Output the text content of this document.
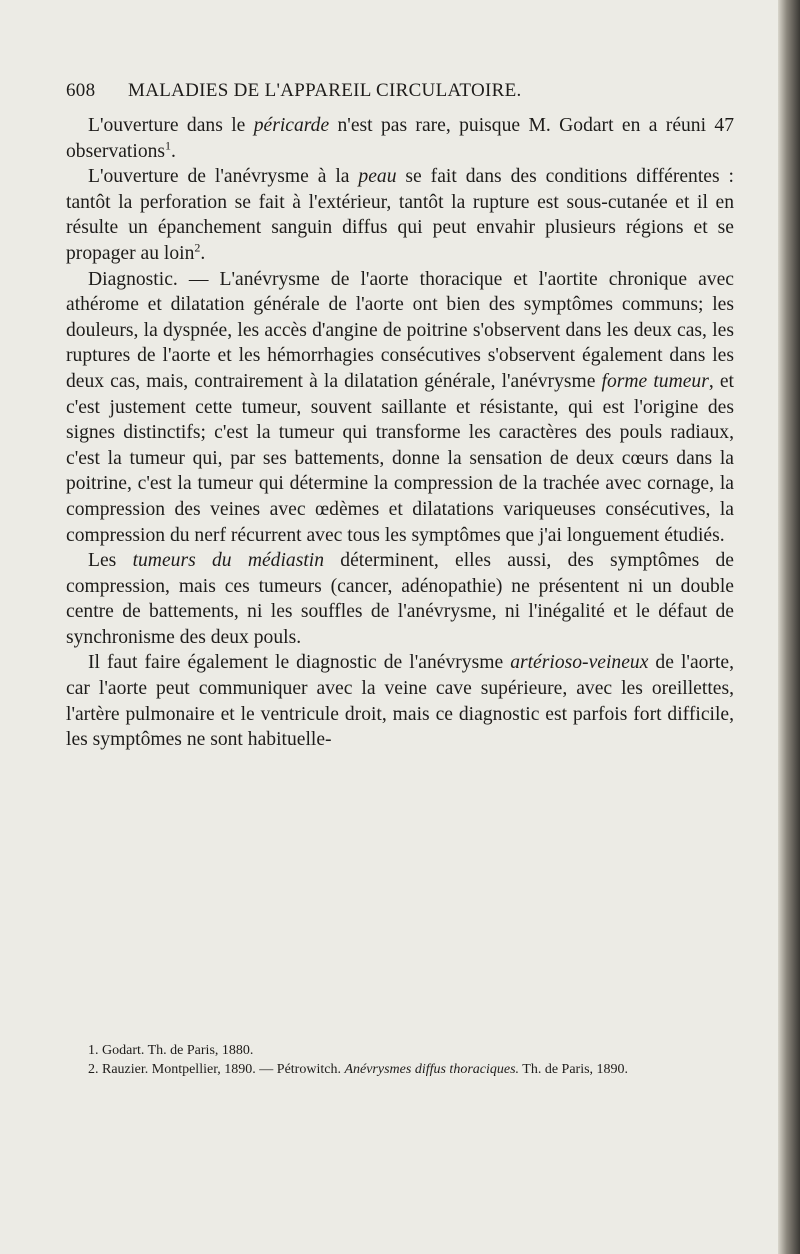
608 MALADIES DE L'APPAREIL CIRCULATOIRE.

L'ouverture dans le péricarde n'est pas rare, puisque M. Godart en a réuni 47 observations$^1$.

L'ouverture de l'anévrysme à la peau se fait dans des conditions différentes : tantôt la perforation se fait à l'extérieur, tantôt la rupture est sous-cutanée et il en résulte un épanchement sanguin diffus qui peut envahir plusieurs régions et se propager au loin$^2$.

Diagnostic. — L'anévrysme de l'aorte thoracique et l'aortite chronique avec athérome et dilatation générale de l'aorte ont bien des symptômes communs; les douleurs, la dyspnée, les accès d'angine de poitrine s'observent dans les deux cas, les ruptures de l'aorte et les hémorrhagies consécutives s'observent également dans les deux cas, mais, contrairement à la dilatation générale, l'anévrysme forme tumeur, et c'est justement cette tumeur, souvent saillante et résistante, qui est l'origine des signes distinctifs; c'est la tumeur qui transforme les caractères des pouls radiaux, c'est la tumeur qui, par ses battements, donne la sensation de deux cœurs dans la poitrine, c'est la tumeur qui détermine la compression de la trachée avec cornage, la compression des veines avec œdèmes et dilatations variqueuses consécutives, la compression du nerf récurrent avec tous les symptômes que j'ai longuement étudiés.

Les tumeurs du médiastin déterminent, elles aussi, des symptômes de compression, mais ces tumeurs (cancer, adénopathie) ne présentent ni un double centre de battements, ni les souffles de l'anévrysme, ni l'inégalité et le défaut de synchronisme des deux pouls.

Il faut faire également le diagnostic de l'anévrysme artérioso-veineux de l'aorte, car l'aorte peut communiquer avec la veine cave supérieure, avec les oreillettes, l'artère pulmonaire et le ventricule droit, mais ce diagnostic est parfois fort difficile, les symptômes ne sont habituelle-

1. Godart. Th. de Paris, 1880.

2. Rauzier. Montpellier, 1890. — Pétrowitch. Anévrysmes diffus thoraciques. Th. de Paris, 1890.
